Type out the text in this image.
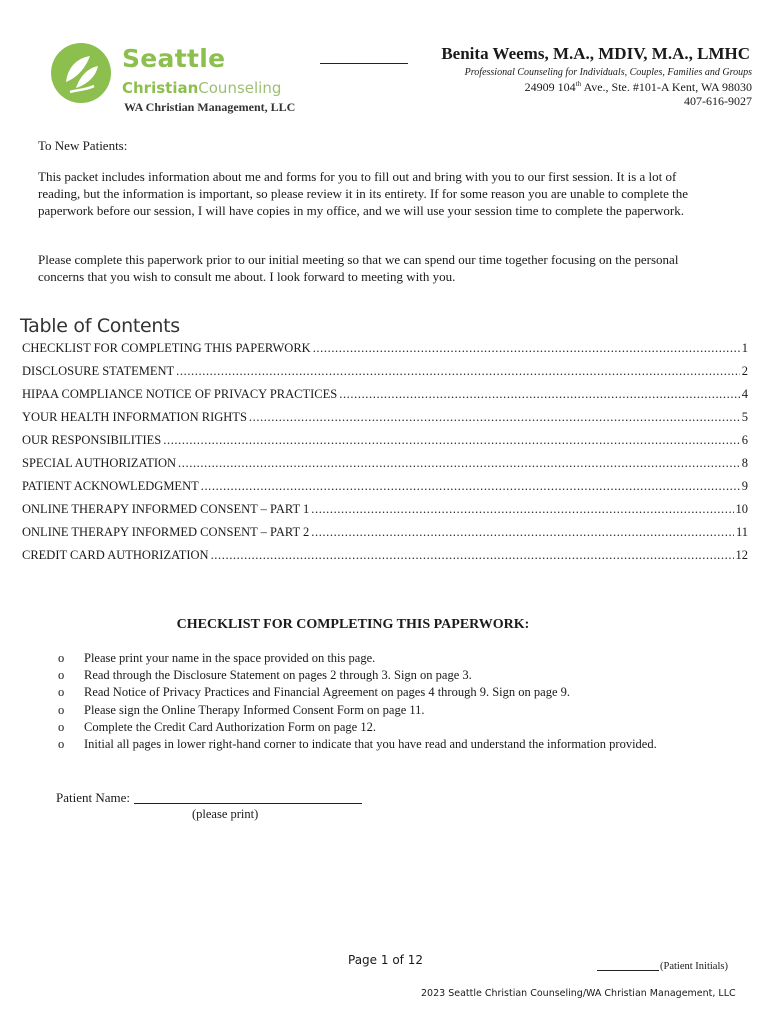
Seattle
ChristianCounseling
WA Christian Management, LLC
Benita Weems, M.A., MDIV, M.A., LMHC
Professional Counseling for Individuals, Couples, Families and Groups
24909 104th Ave., Ste. #101-A Kent, WA 98030
407-616-9027
To New Patients:
This packet includes information about me and forms for you to fill out and bring with you to our first session. It is a lot of reading, but the information is important, so please review it in its entirety. If for some reason you are unable to complete the paperwork before our session, I will have copies in my office, and we will use your session time to complete the paperwork.
Please complete this paperwork prior to our initial meeting so that we can spend our time together focusing on the personal concerns that you wish to consult me about. I look forward to meeting with you.
Table of Contents
CHECKLIST FOR COMPLETING THIS PAPERWORK .....	1
DISCLOSURE STATEMENT .....	2
HIPAA COMPLIANCE NOTICE OF PRIVACY PRACTICES .....	4
YOUR HEALTH INFORMATION RIGHTS .....	5
OUR RESPONSIBILITIES .....	6
SPECIAL AUTHORIZATION .....	8
PATIENT ACKNOWLEDGMENT .....	9
ONLINE THERAPY INFORMED CONSENT – PART 1 .....	10
ONLINE THERAPY INFORMED CONSENT – PART 2 .....	11
CREDIT CARD AUTHORIZATION .....	12
CHECKLIST FOR COMPLETING THIS PAPERWORK:
o	Please print your name in the space provided on this page.
o	Read through the Disclosure Statement on pages 2 through 3. Sign on page 3.
o	Read Notice of Privacy Practices and Financial Agreement on pages 4 through 9. Sign on page 9.
o	Please sign the Online Therapy Informed Consent Form on page 11.
o	Complete the Credit Card Authorization Form on page 12.
o	Initial all pages in lower right-hand corner to indicate that you have read and understand the information provided.
Patient Name:
(please print)
Page 1 of 12	(Patient Initials)
2023 Seattle Christian Counseling/WA Christian Management, LLC
